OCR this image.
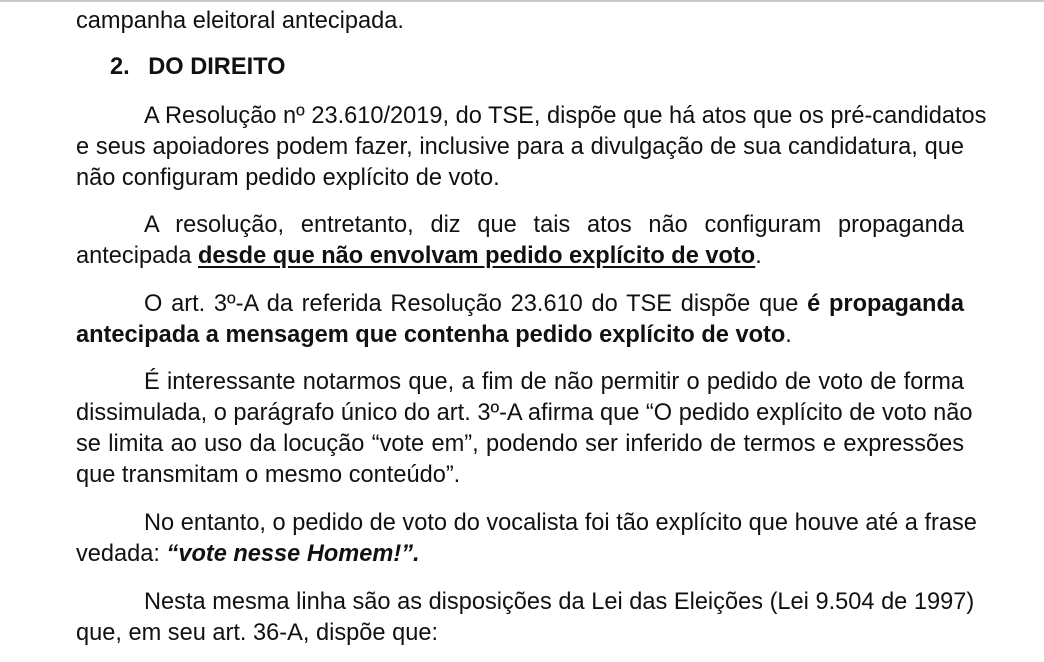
campanha eleitoral antecipada.
2. DO DIREITO
A Resolução nº 23.610/2019, do TSE, dispõe que há atos que os pré-candidatos
e seus apoiadores podem fazer, inclusive para a divulgação de sua candidatura, que
não configuram pedido explícito de voto.
A resolução, entretanto, diz que tais atos não configuram propaganda
antecipada desde que não envolvam pedido explícito de voto.
O art. 3º-A da referida Resolução 23.610 do TSE dispõe que é propaganda
antecipada a mensagem que contenha pedido explícito de voto.
É interessante notarmos que, a fim de não permitir o pedido de voto de forma
dissimulada, o parágrafo único do art. 3º-A afirma que “O pedido explícito de voto não
se limita ao uso da locução “vote em”, podendo ser inferido de termos e expressões
que transmitam o mesmo conteúdo”.
No entanto, o pedido de voto do vocalista foi tão explícito que houve até a frase
vedada: “vote nesse Homem!”.
Nesta mesma linha são as disposições da Lei das Eleições (Lei 9.504 de 1997)
que, em seu art. 36-A, dispõe que:
